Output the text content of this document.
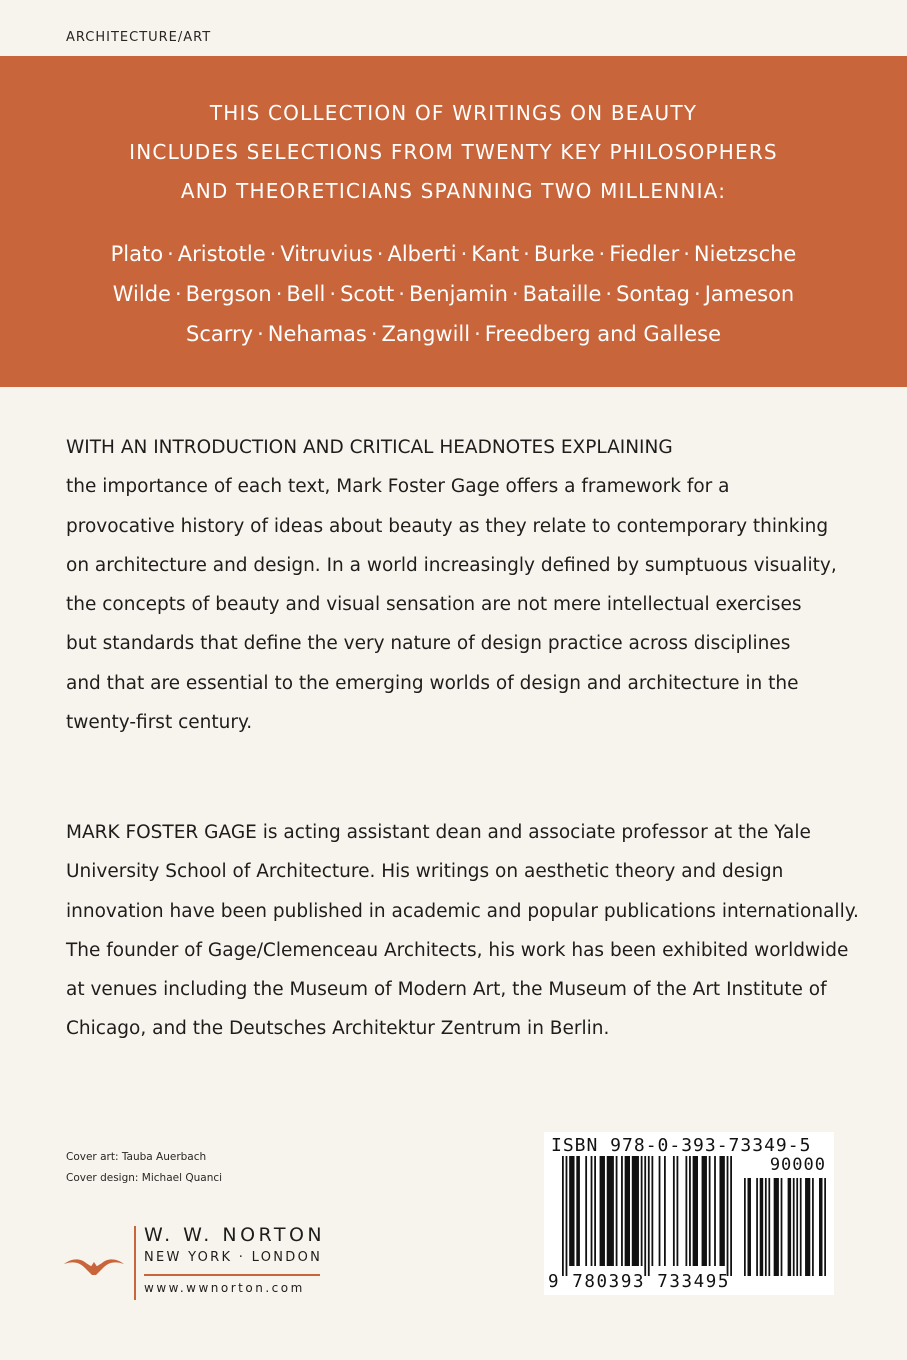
ARCHITECTURE/ART
THIS COLLECTION OF WRITINGS ON BEAUTY
INCLUDES SELECTIONS FROM TWENTY KEY PHILOSOPHERS
AND THEORETICIANS SPANNING TWO MILLENNIA:
Plato · Aristotle · Vitruvius · Alberti · Kant · Burke · Fiedler · Nietzsche
Wilde · Bergson · Bell · Scott · Benjamin · Bataille · Sontag · Jameson
Scarry · Nehamas · Zangwill · Freedberg and Gallese
WITH AN INTRODUCTION AND CRITICAL HEADNOTES EXPLAINING
the importance of each text, Mark Foster Gage offers a framework for a
provocative history of ideas about beauty as they relate to contemporary thinking
on architecture and design. In a world increasingly defined by sumptuous visuality,
the concepts of beauty and visual sensation are not mere intellectual exercises
but standards that define the very nature of design practice across disciplines
and that are essential to the emerging worlds of design and architecture in the
twenty-first century.
MARK FOSTER GAGE is acting assistant dean and associate professor at the Yale
University School of Architecture. His writings on aesthetic theory and design
innovation have been published in academic and popular publications internationally.
The founder of Gage/Clemenceau Architects, his work has been exhibited worldwide
at venues including the Museum of Modern Art, the Museum of the Art Institute of
Chicago, and the Deutsches Architektur Zentrum in Berlin.
Cover art: Tauba Auerbach
Cover design: Michael Quanci
W. W. NORTON
NEW YORK · LONDON
www.wwnorton.com
ISBN 978-0-393-73349-5
90000
9 780393 733495
